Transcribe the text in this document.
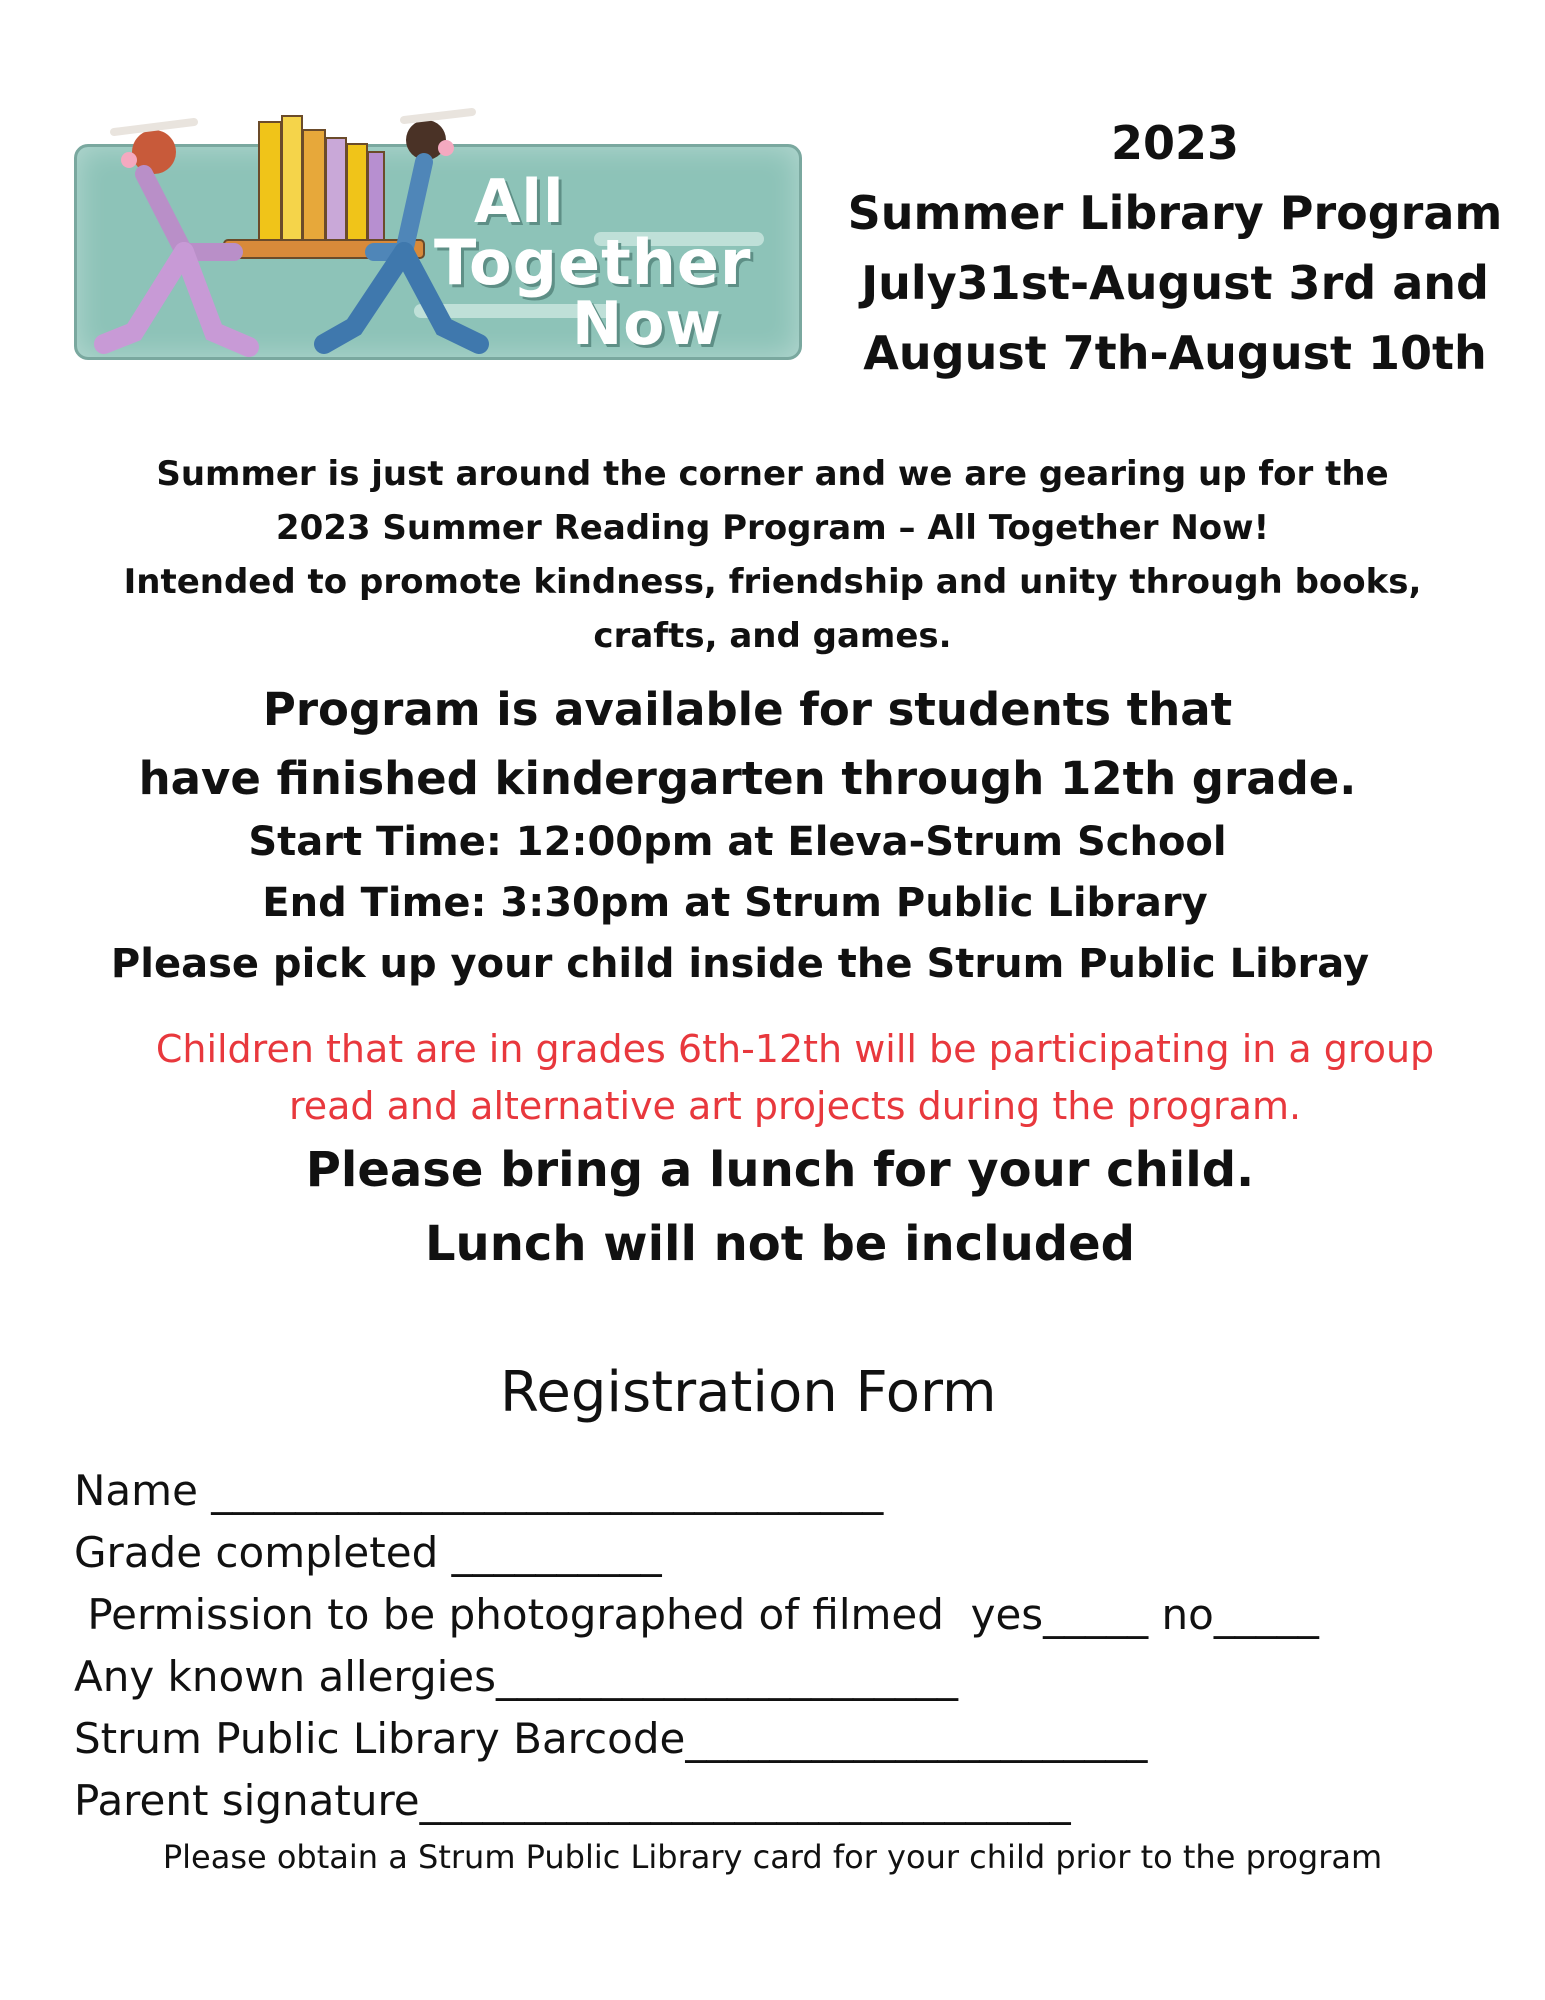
All
Together
Now
2023
Summer Library Program
July31st-August 3rd and
August 7th-August 10th
Summer is just around the corner and we are gearing up for the
2023 Summer Reading Program – All Together Now!
Intended to promote kindness, friendship and unity through books,
crafts, and games.
Program is available for students that
have finished kindergarten through 12th grade.
Start Time: 12:00pm at Eleva-Strum School
End Time: 3:30pm at Strum Public Library
Please pick up your child inside the Strum Public Libray
Children that are in grades 6th-12th will be participating in a group
read and alternative art projects during the program.
Please bring a lunch for your child.
Lunch will not be included
Registration Form
Name ________________________________
Grade completed __________
Permission to be photographed of filmed  yes_____ no_____
Any known allergies______________________
Strum Public Library Barcode______________________
Parent signature_______________________________
Please obtain a Strum Public Library card for your child prior to the program
